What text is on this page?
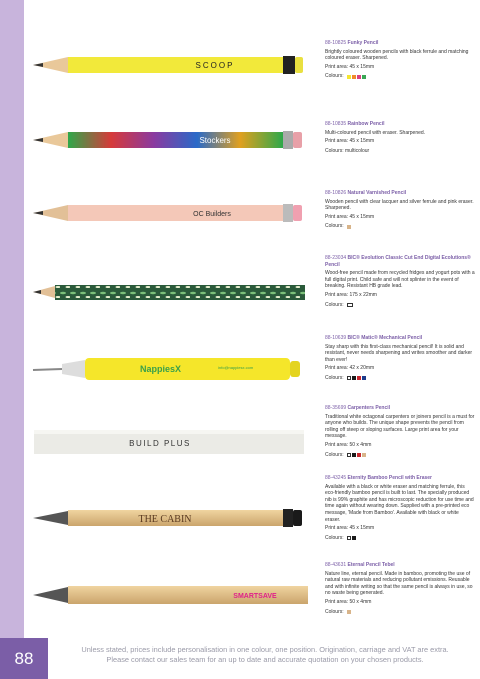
88
SCOOP
Stockers
OC Builders
NappiesX	info@nappiesx.com
BUILD PLUS
THE CABIN
SMARTSAVE
88-10825 Funky Pencil
Brightly coloured wooden pencils with black ferrule and matching coloured eraser. Sharpened.
Print area: 45 x 15mm
Colours:
88-10835 Rainbow Pencil
Multi-coloured pencil with eraser. Sharpened.
Print area: 45 x 15mm
Colours: multicolour
88-10826 Natural Varnished Pencil
Wooden pencil with clear lacquer and silver ferrule and pink eraser. Sharpened.
Print area: 45 x 15mm
Colours:
88-23034 BIC® Evolution Classic Cut End Digital Ecolutions® Pencil
Wood-free pencil made from recycled fridges and yogurt pots with a full digital print. Child safe and will not splinter in the event of breaking. Resistant HB grade lead.
Print area: 175 x 22mm
Colours:
88-10639 BIC® Matic® Mechanical Pencil
Stay sharp with this first-class mechanical pencil! It is solid and resistant, never needs sharpening and writes smoother and darker than ever!
Print area: 42 x 20mm
Colours:
88-35699 Carpenters Pencil
Traditional white octagonal carpenters or joiners pencil is a must for anyone who builds. The unique shape prevents the pencil from rolling off steep or sloping surfaces. Large print area for your message.
Print area: 50 x 4mm
Colours:
88-43245 Eternity Bamboo Pencil with Eraser
Available with a black or white eraser and matching ferrule, this eco-friendly bamboo pencil is built to last. The specially produced nib is 99% graphite and has microscopic reduction for use time and time again without wearing down. Supplied with a pre-printed eco message, 'Made from Bamboo'. Available with black or white eraser.
Print area: 45 x 15mm
Colours:
88-43631 Eternal Pencil Tebel
Nature line, eternal pencil. Made in bamboo, promoting the use of natural raw materials and reducing pollutant emissions. Reusable and with infinite writing so that the same pencil is always in use, so no waste being generated.
Print area: 50 x 4mm
Colours:
Unless stated, prices include personalisation in one colour, one position. Origination, carriage and VAT are extra.
Please contact our sales team for an up to date and accurate quotation on your chosen products.
